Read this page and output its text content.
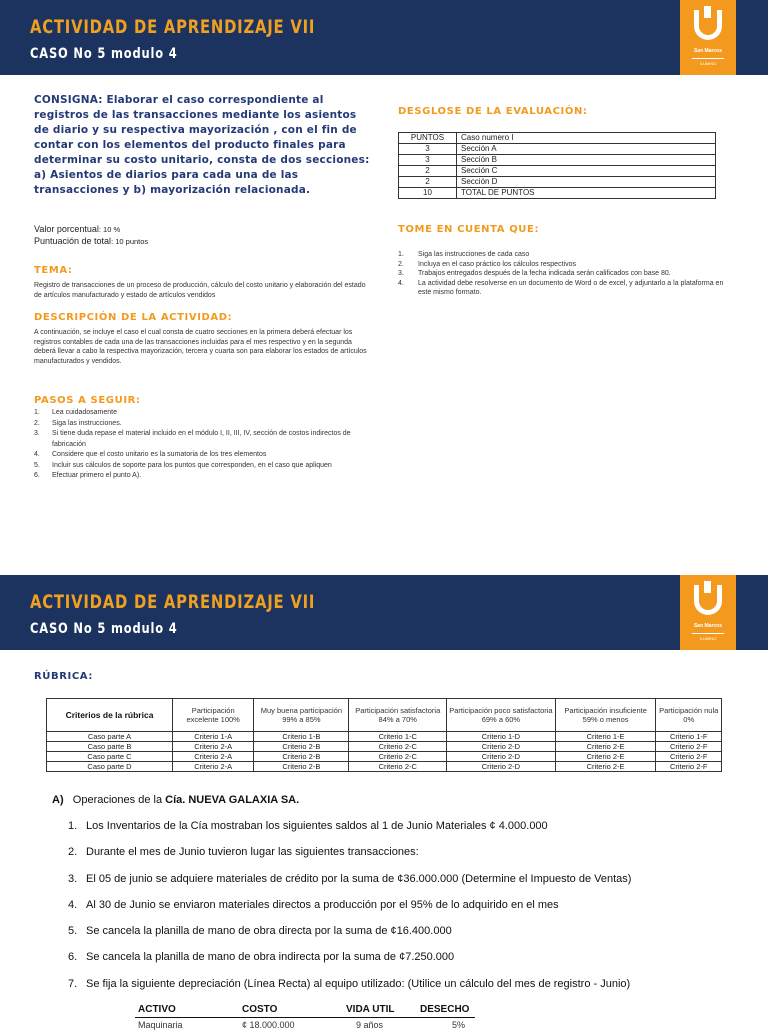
ACTIVIDAD DE APRENDIZAJE VII
CASO No 5 modulo 4	San Marcos
ILUMINO
CONSIGNA: Elaborar el caso correspondiente al registros de las transacciones mediante los asientos de diario y su respectiva mayorización , con el fin de contar con los elementos del producto finales para determinar su costo unitario, consta de dos secciones: a) Asientos de diarios para cada una de las transacciones y b) mayorización relacionada.
Valor porcentual: 10 %
Puntuación de total: 10 puntos
TEMA:
Registro de transacciones de un proceso de producción, cálculo del costo unitario y elaboración del estado de artículos manufacturado y estado de artículos vendidos
DESCRIPCIÓN DE LA ACTIVIDAD:
A continuación, se incluye el caso el cual consta de cuatro secciones en la primera deberá efectuar los registros contables de cada una de las transacciones incluidas para el mes respectivo y en la segunda deberá llevar a cabo la respectiva mayorización, tercera y cuarta son para elaborar los estados de artículos manufacturados y vendidos.
PASOS A SEGUIR:
1. Lea cuidadosamente
2. Siga las instrucciones.
3. Si tiene duda repase el material incluido en el módulo I, II, III, IV, sección de costos indirectos de fabricación
4. Considere que el costo unitario es la sumatoria de los tres elementos
5. Incluir sus cálculos de soporte para los puntos que corresponden, en el caso que apliquen
6. Efectuar primero el punto A).
DESGLOSE DE LA EVALUACIÓN:
PUNTOS	Caso numero I
3	Sección A
3	Sección B
2	Sección C
2	Sección D
10	TOTAL DE PUNTOS
TOME EN CUENTA QUE:
1. Siga las instrucciones de cada caso
2. Incluya en el caso práctico los cálculos respectivos
3. Trabajos entregados después de la fecha indicada serán calificados con base 80.
4. La actividad debe resolverse en un documento de Word o de excel, y adjuntarlo a la plataforma en este mismo formato.
ACTIVIDAD DE APRENDIZAJE VII
CASO No 5 modulo 4	San Marcos
ILUMINO
RÚBRICA:
Criterios de la rúbrica	Participación excelente 100%	Muy buena participación 99% a 85%	Participación satisfactoria 84% a 70%	Participación poco satisfactoria 69% a 60%	Participación insuficiente 59% o menos	Participación nula 0%
Caso parte A	Criterio 1-A	Criterio 1-B	Criterio 1-C	Criterio 1-D	Criterio 1-E	Criterio 1-F
Caso parte B	Criterio 2-A	Criterio 2-B	Criterio 2-C	Criterio 2-D	Criterio 2-E	Criterio 2-F
Caso parte C	Criterio 2-A	Criterio 2-B	Criterio 2-C	Criterio 2-D	Criterio 2-E	Criterio 2-F
Caso parte D	Criterio 2-A	Criterio 2-B	Criterio 2-C	Criterio 2-D	Criterio 2-E	Criterio 2-F
A) Operaciones de la Cía. NUEVA GALAXIA SA.
1. Los Inventarios de la Cía mostraban los siguientes saldos al 1 de Junio Materiales ¢ 4.000.000
2. Durante el mes de Junio tuvieron lugar las siguientes transacciones:
3. El 05 de junio se adquiere materiales de crédito por la suma de ¢36.000.000 (Determine el Impuesto de Ventas)
4. Al 30 de Junio se enviaron materiales directos a producción por el 95% de lo adquirido en el mes
5. Se cancela la planilla de mano de obra directa por la suma de ¢16.400.000
6. Se cancela la planilla de mano de obra indirecta por la suma de ¢7.250.000
7. Se fija la siguiente depreciación (Línea Recta) al equipo utilizado: (Utilice un cálculo del mes de registro - Junio)
ACTIVO	COSTO	VIDA UTIL	DESECHO
Maquinaria	¢ 18.000.000	9 años	5%
